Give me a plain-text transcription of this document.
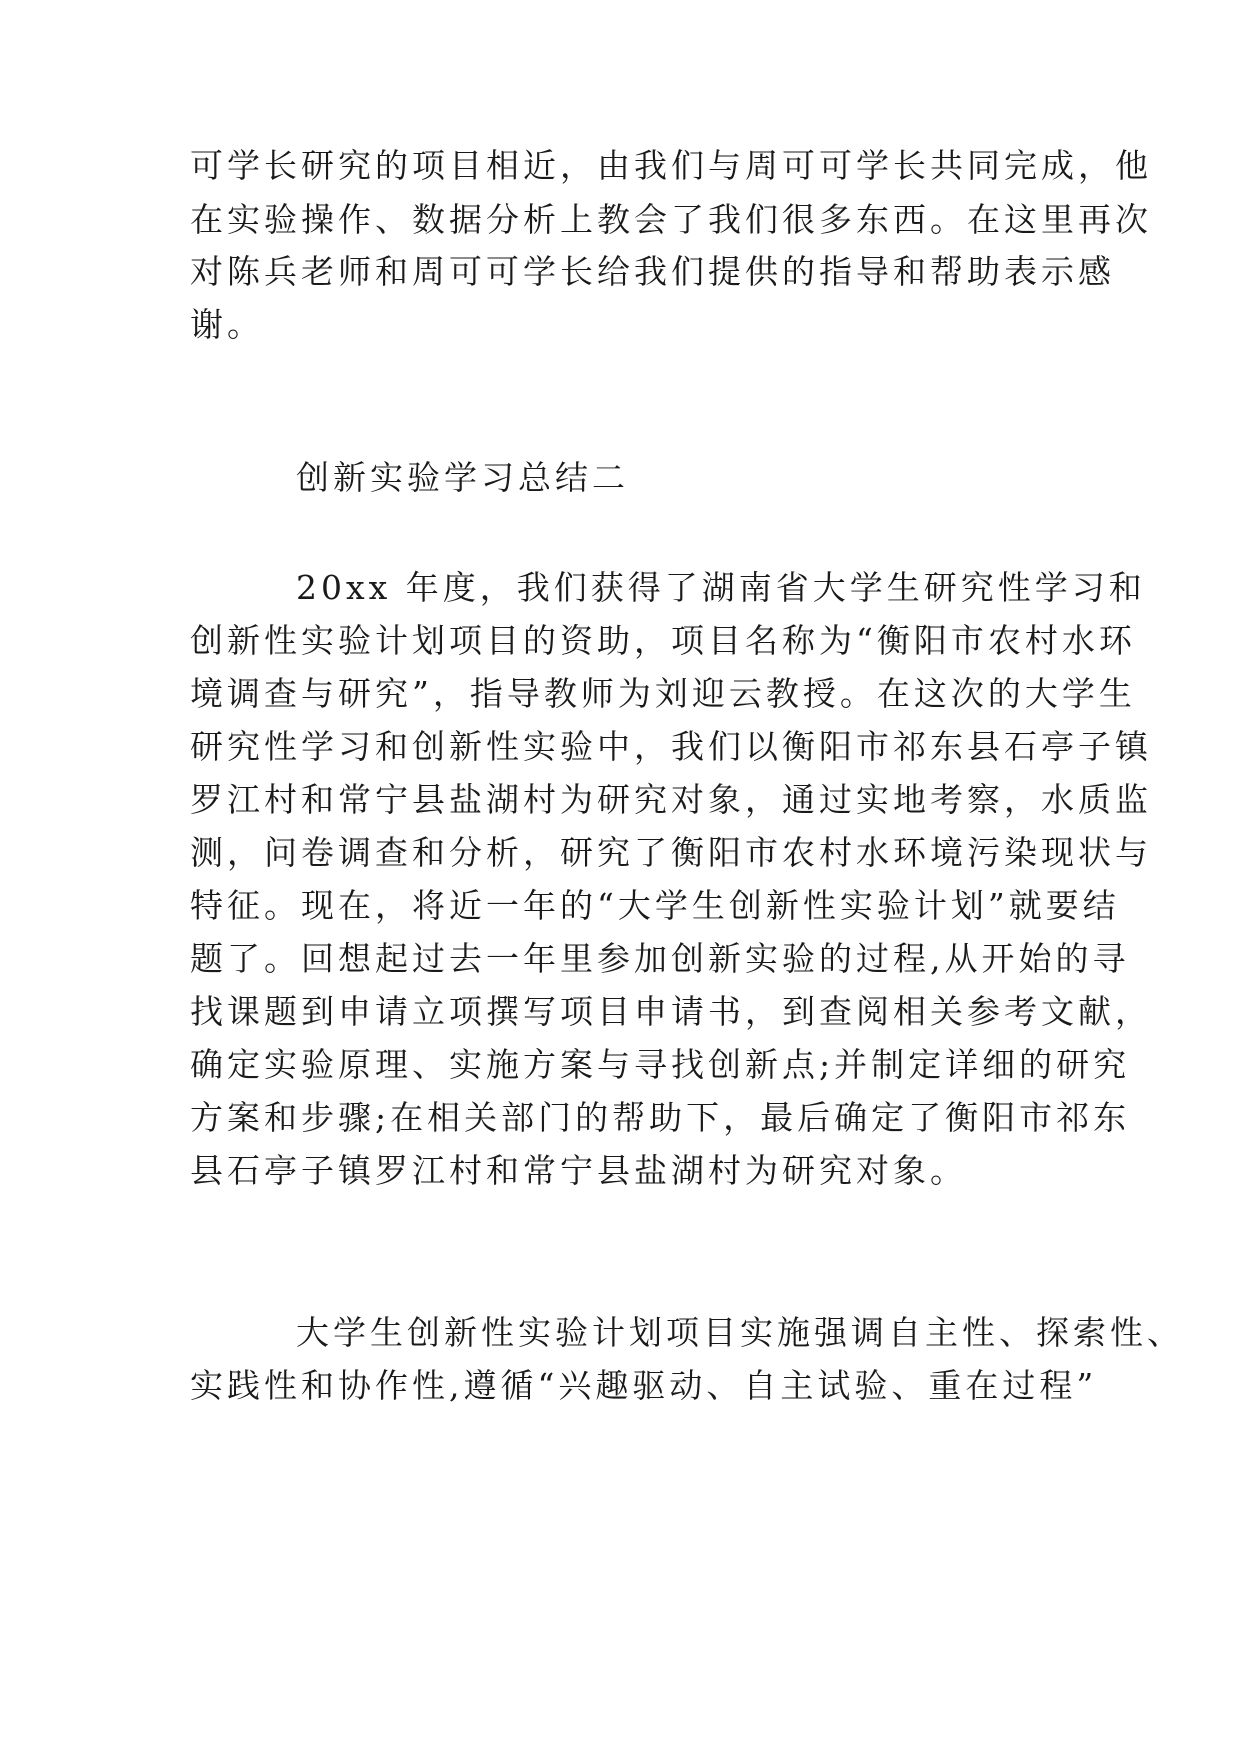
可学长研究的项目相近，由我们与周可可学长共同完成，他
在实验操作、数据分析上教会了我们很多东西。在这里再次
对陈兵老师和周可可学长给我们提供的指导和帮助表示感
谢。
创新实验学习总结二
20xx 年度，我们获得了湖南省大学生研究性学习和
创新性实验计划项目的资助，项目名称为“衡阳市农村水环
境调查与研究”，指导教师为刘迎云教授。在这次的大学生
研究性学习和创新性实验中，我们以衡阳市祁东县石亭子镇
罗江村和常宁县盐湖村为研究对象，通过实地考察，水质监
测，问卷调查和分析，研究了衡阳市农村水环境污染现状与
特征。现在，将近一年的“大学生创新性实验计划”就要结
题了。回想起过去一年里参加创新实验的过程,从开始的寻
找课题到申请立项撰写项目申请书，到查阅相关参考文献，
确定实验原理、实施方案与寻找创新点;并制定详细的研究
方案和步骤;在相关部门的帮助下，最后确定了衡阳市祁东
县石亭子镇罗江村和常宁县盐湖村为研究对象。
大学生创新性实验计划项目实施强调自主性、探索性、
实践性和协作性,遵循“兴趣驱动、自主试验、重在过程”
